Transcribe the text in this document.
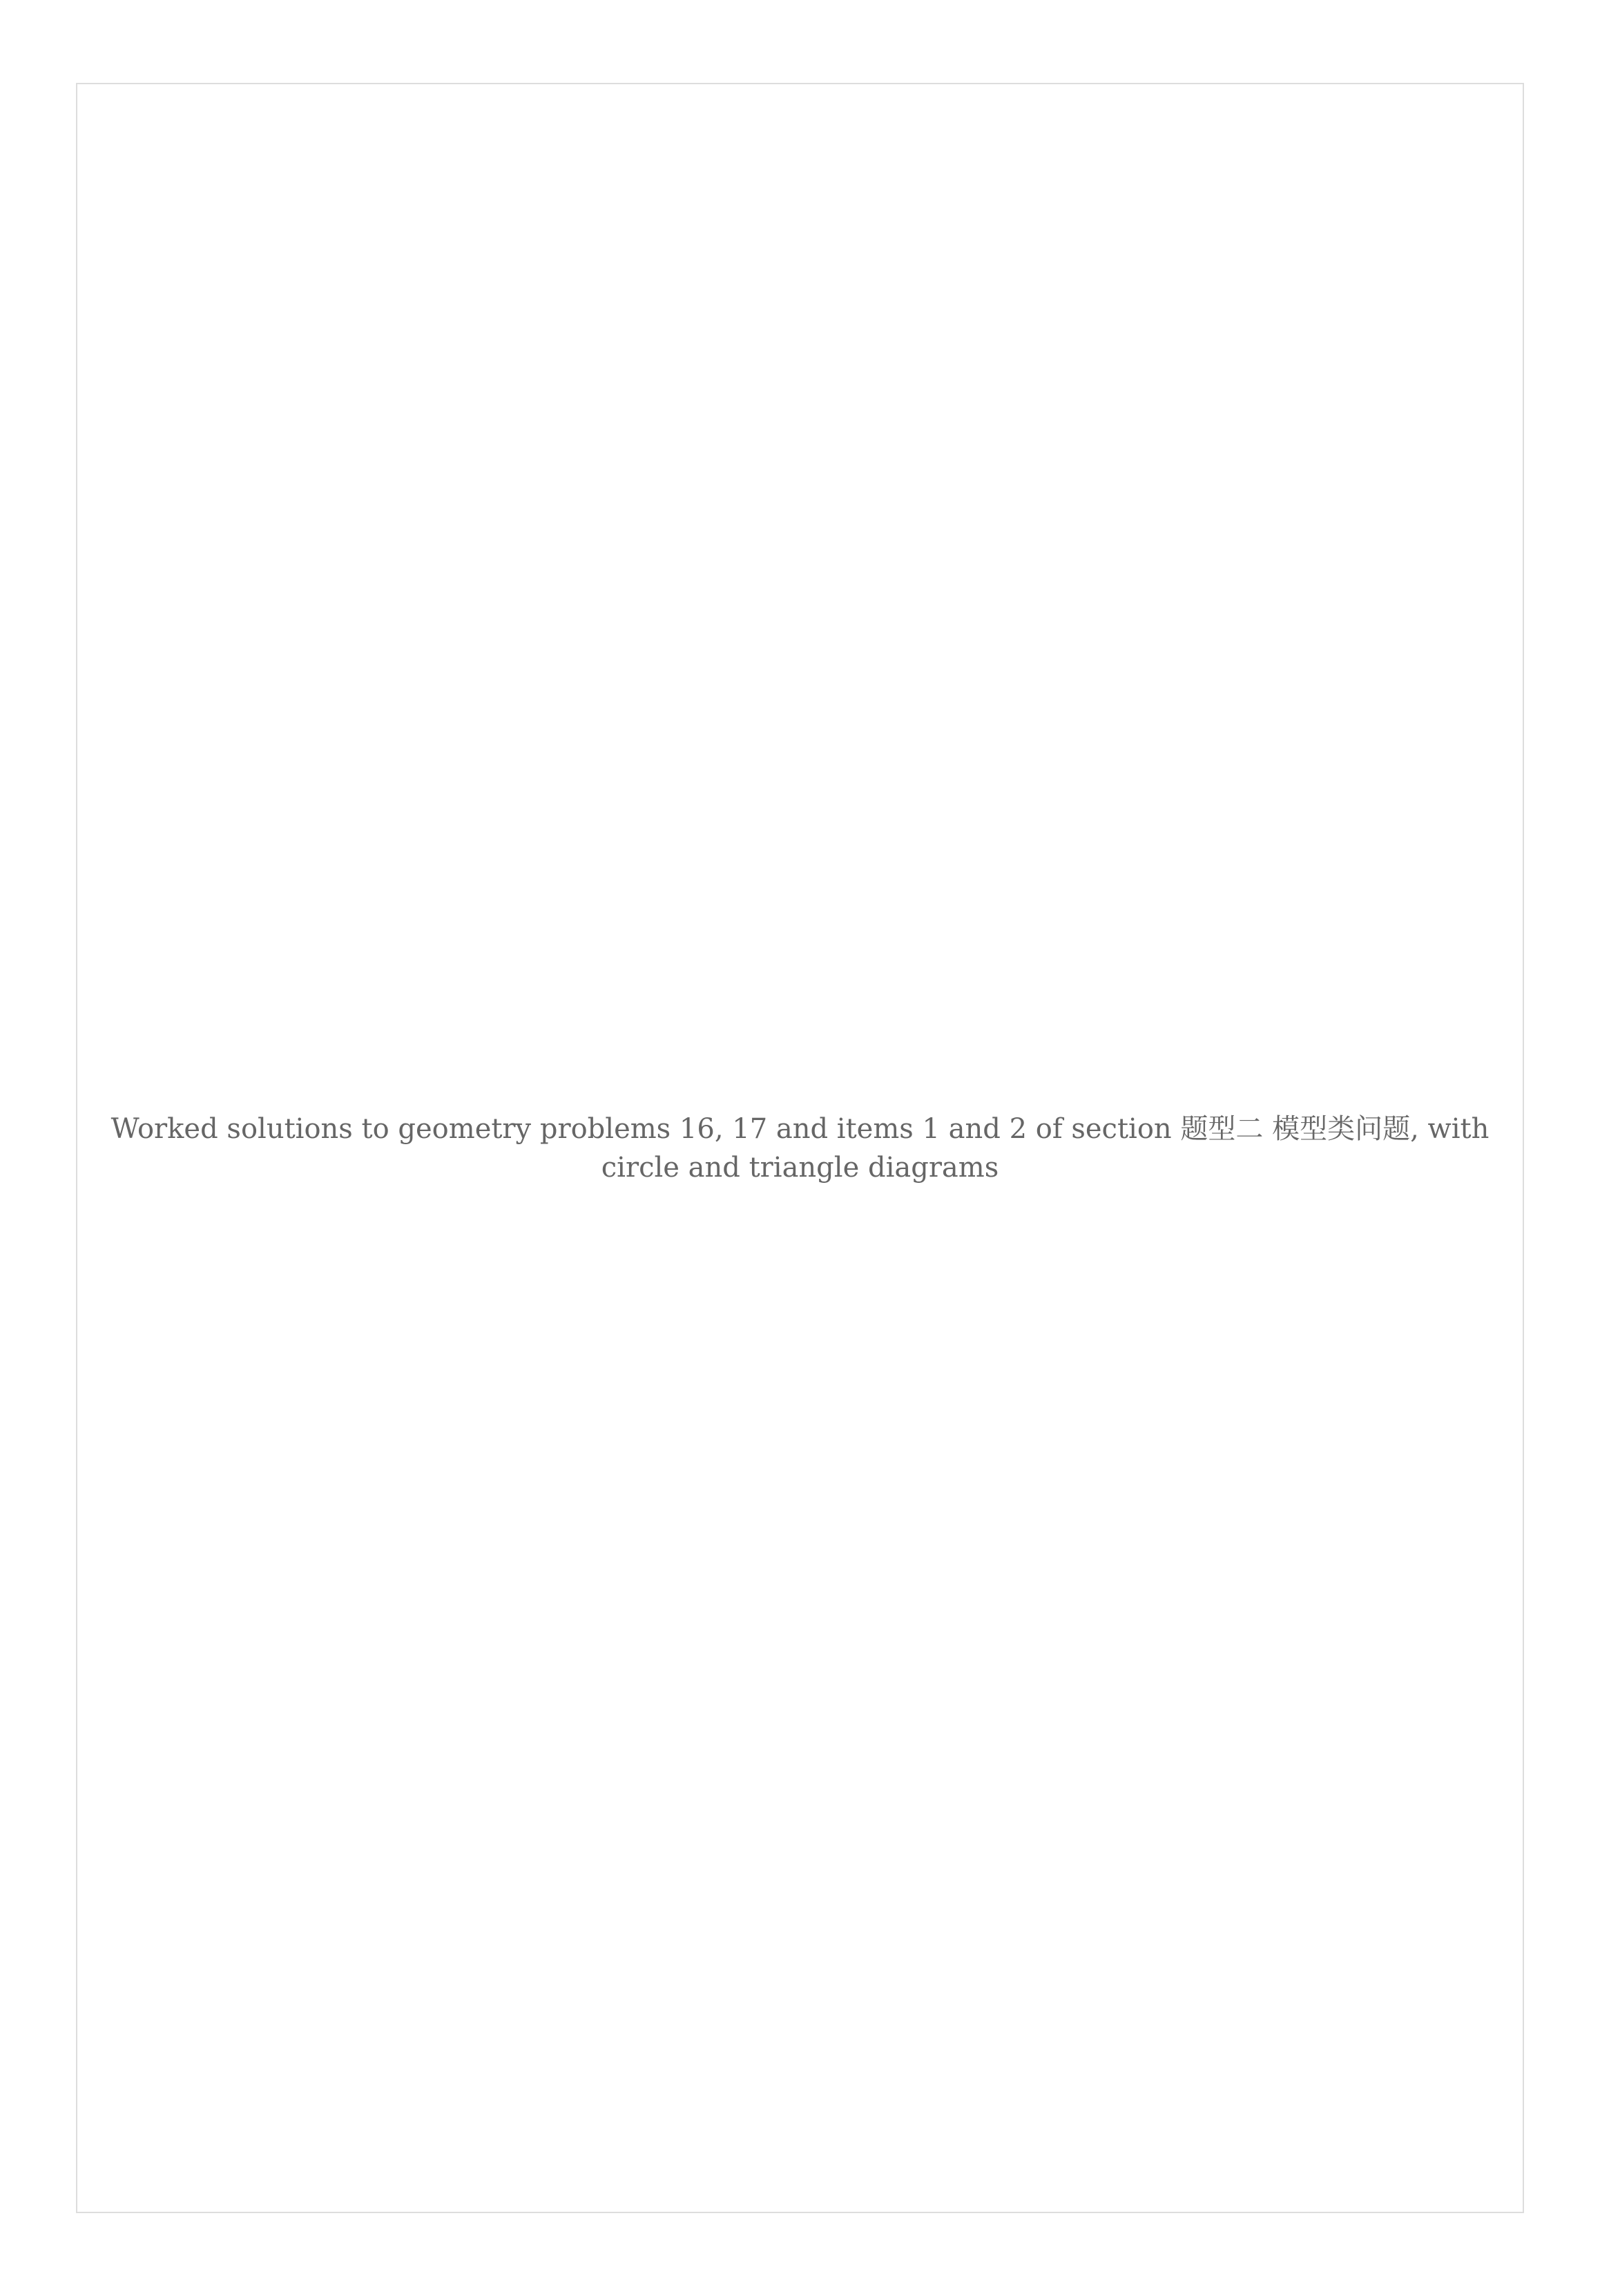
Worked solutions to geometry problems 16, 17 and items 1 and 2 of section 题型二 模型类问题, with circle and triangle diagrams
